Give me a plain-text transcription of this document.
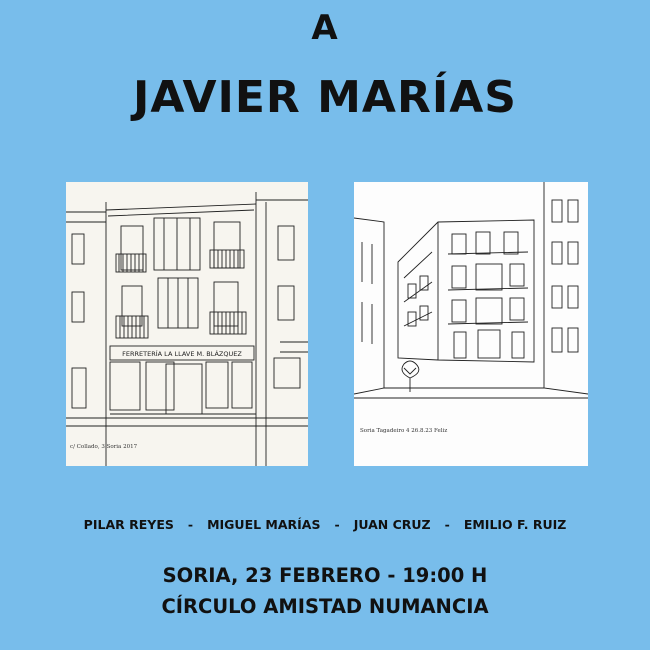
A
JAVIER MARÍAS
FERRETERÍA LA LLAVE M. BLÁZQUEZ
c/ Collado, 3 Soria 2017
Soria Tagadeiro 4 26.8.23 Feliz
PILAR REYES	-	MIGUEL MARÍAS	-	JUAN CRUZ	-	EMILIO F. RUIZ
SORIA, 23 FEBRERO - 19:00 H
CÍRCULO AMISTAD NUMANCIA
